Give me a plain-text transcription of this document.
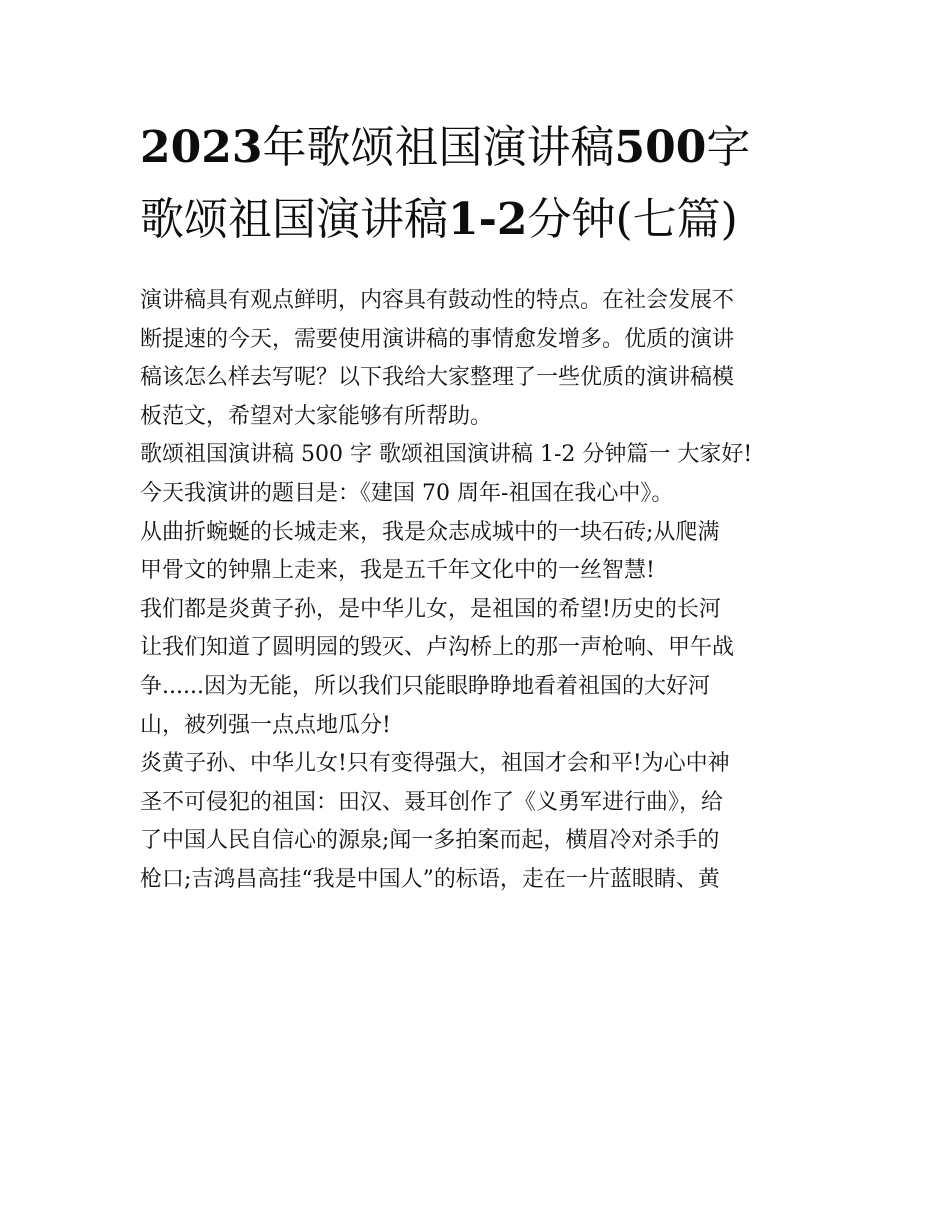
2023年歌颂祖国演讲稿500字
歌颂祖国演讲稿1-2分钟(七篇)
演讲稿具有观点鲜明，内容具有鼓动性的特点。在社会发展不
断提速的今天，需要使用演讲稿的事情愈发增多。优质的演讲
稿该怎么样去写呢？以下我给大家整理了一些优质的演讲稿模
板范文，希望对大家能够有所帮助。
歌颂祖国演讲稿 500 字 歌颂祖国演讲稿 1-2 分钟篇一 大家好!
今天我演讲的题目是：《建国 70 周年-祖国在我心中》。
从曲折蜿蜒的长城走来，我是众志成城中的一块石砖;从爬满
甲骨文的钟鼎上走来，我是五千年文化中的一丝智慧!
我们都是炎黄子孙，是中华儿女，是祖国的希望!历史的长河
让我们知道了圆明园的毁灭、卢沟桥上的那一声枪响、甲午战
争......因为无能，所以我们只能眼睁睁地看着祖国的大好河
山，被列强一点点地瓜分!
炎黄子孙、中华儿女!只有变得强大，祖国才会和平!为心中神
圣不可侵犯的祖国：田汉、聂耳创作了《义勇军进行曲》，给
了中国人民自信心的源泉;闻一多拍案而起，横眉冷对杀手的
枪口;吉鸿昌高挂“我是中国人”的标语，走在一片蓝眼睛、黄
